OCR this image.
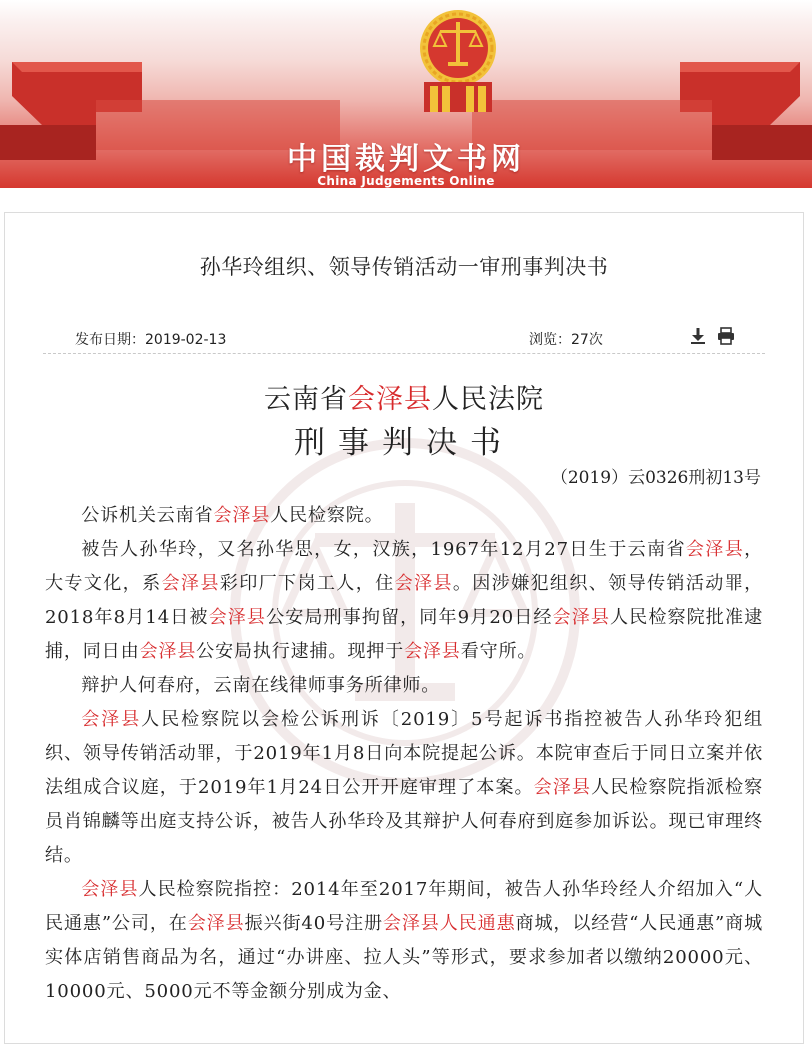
中国裁判文书网
China Judgements Online
孙华玲组织、领导传销活动一审刑事判决书
发布日期：2019-02-13	浏览：27次

云南省会泽县人民法院
刑事判决书
（2019）云0326刑初13号

公诉机关云南省会泽县人民检察院。

被告人孙华玲，又名孙华思，女，汉族，1967年12月27日生于云南省会泽县，大专文化，系会泽县彩印厂下岗工人，住会泽县。因涉嫌犯组织、领导传销活动罪，2018年8月14日被会泽县公安局刑事拘留，同年9月20日经会泽县人民检察院批准逮捕，同日由会泽县公安局执行逮捕。现押于会泽县看守所。

辩护人何春府，云南在线律师事务所律师。

会泽县人民检察院以会检公诉刑诉〔2019〕5号起诉书指控被告人孙华玲犯组织、领导传销活动罪，于2019年1月8日向本院提起公诉。本院审查后于同日立案并依法组成合议庭，于2019年1月24日公开开庭审理了本案。会泽县人民检察院指派检察员肖锦麟等出庭支持公诉，被告人孙华玲及其辩护人何春府到庭参加诉讼。现已审理终结。

会泽县人民检察院指控：2014年至2017年期间，被告人孙华玲经人介绍加入“人民通惠”公司，在会泽县振兴街40号注册会泽县人民通惠商城，以经营“人民通惠”商城实体店销售商品为名，通过“办讲座、拉人头”等形式，要求参加者以缴纳20000元、10000元、5000元不等金额分别成为金、
